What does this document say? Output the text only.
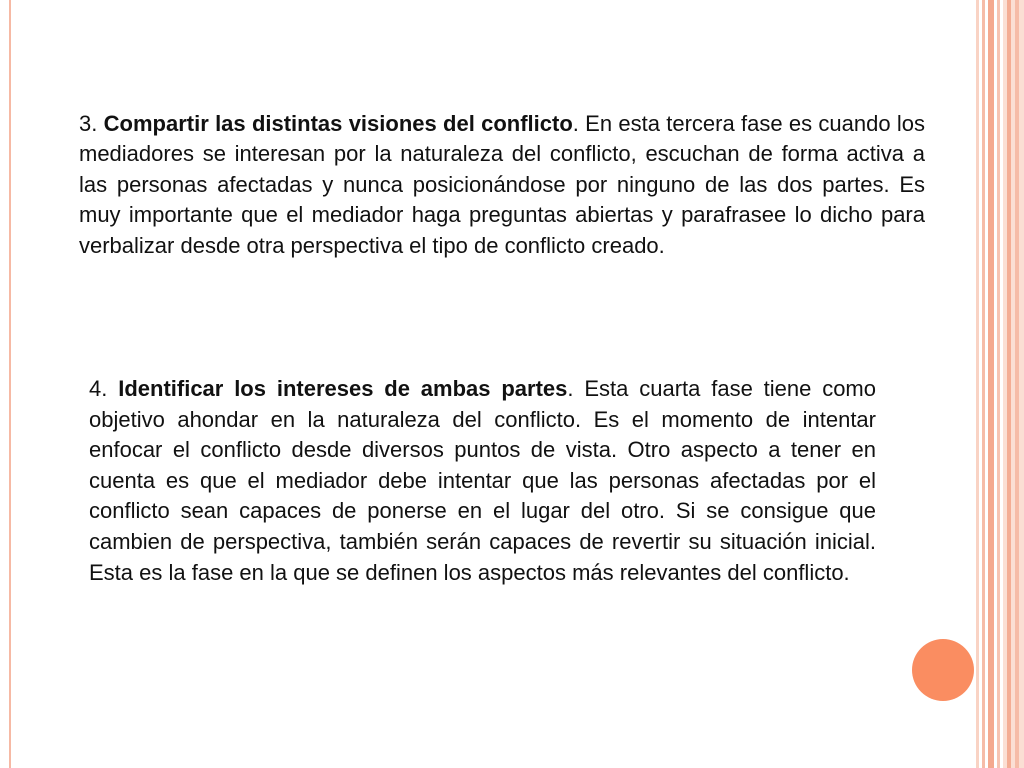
3. Compartir las distintas visiones del conflicto. En esta tercera fase es cuando los mediadores se interesan por la naturaleza del conflicto, escuchan de forma activa a las personas afectadas y nunca posicionándose por ninguno de las dos partes. Es muy importante que el mediador haga preguntas abiertas y parafrasee lo dicho para verbalizar desde otra perspectiva el tipo de conflicto creado.

4. Identificar los intereses de ambas partes. Esta cuarta fase tiene como objetivo ahondar en la naturaleza del conflicto. Es el momento de intentar enfocar el conflicto desde diversos puntos de vista. Otro aspecto a tener en cuenta es que el mediador debe intentar que las personas afectadas por el conflicto sean capaces de ponerse en el lugar del otro. Si se consigue que cambien de perspectiva, también serán capaces de revertir su situación inicial. Esta es la fase en la que se definen los aspectos más relevantes del conflicto.
